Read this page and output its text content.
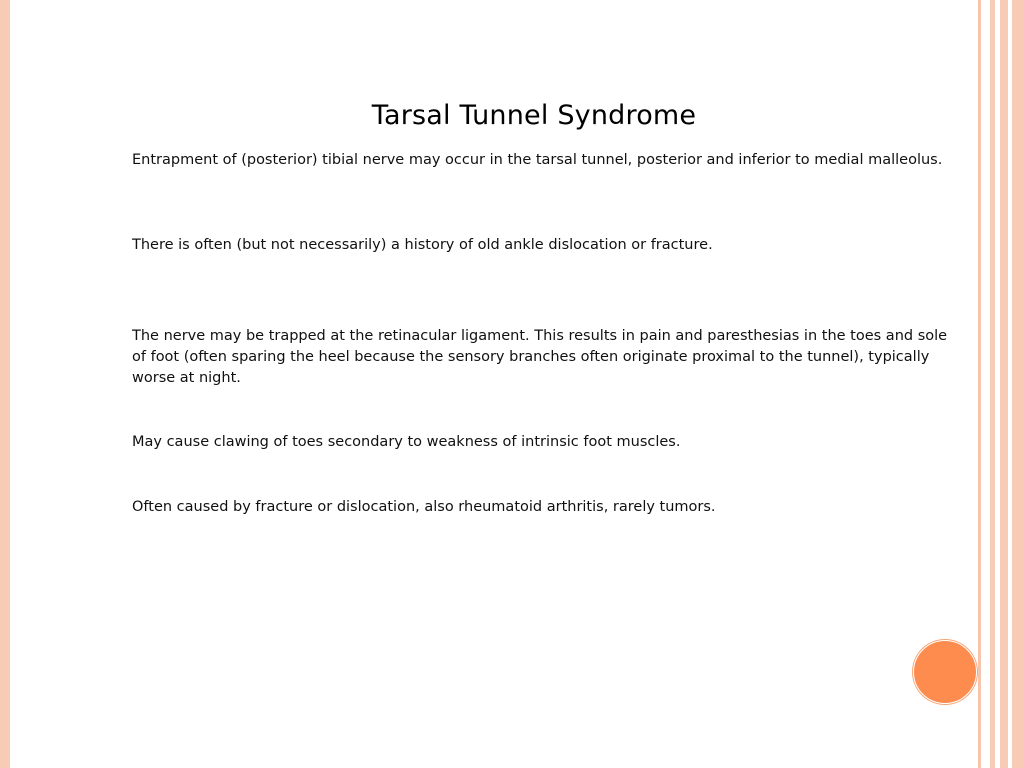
Tarsal Tunnel Syndrome

Entrapment of (posterior) tibial nerve may occur in the tarsal tunnel, posterior and inferior to medial malleolus.

There is often (but not necessarily) a history of old ankle dislocation or fracture.

The nerve may be trapped at the retinacular ligament. This results in pain and paresthesias in the toes and sole of foot (often sparing the heel because the sensory branches often originate proximal to the tunnel), typically worse at night.

May cause clawing of toes secondary to weakness of intrinsic foot muscles.

Often caused by fracture or dislocation, also rheumatoid arthritis, rarely tumors.
